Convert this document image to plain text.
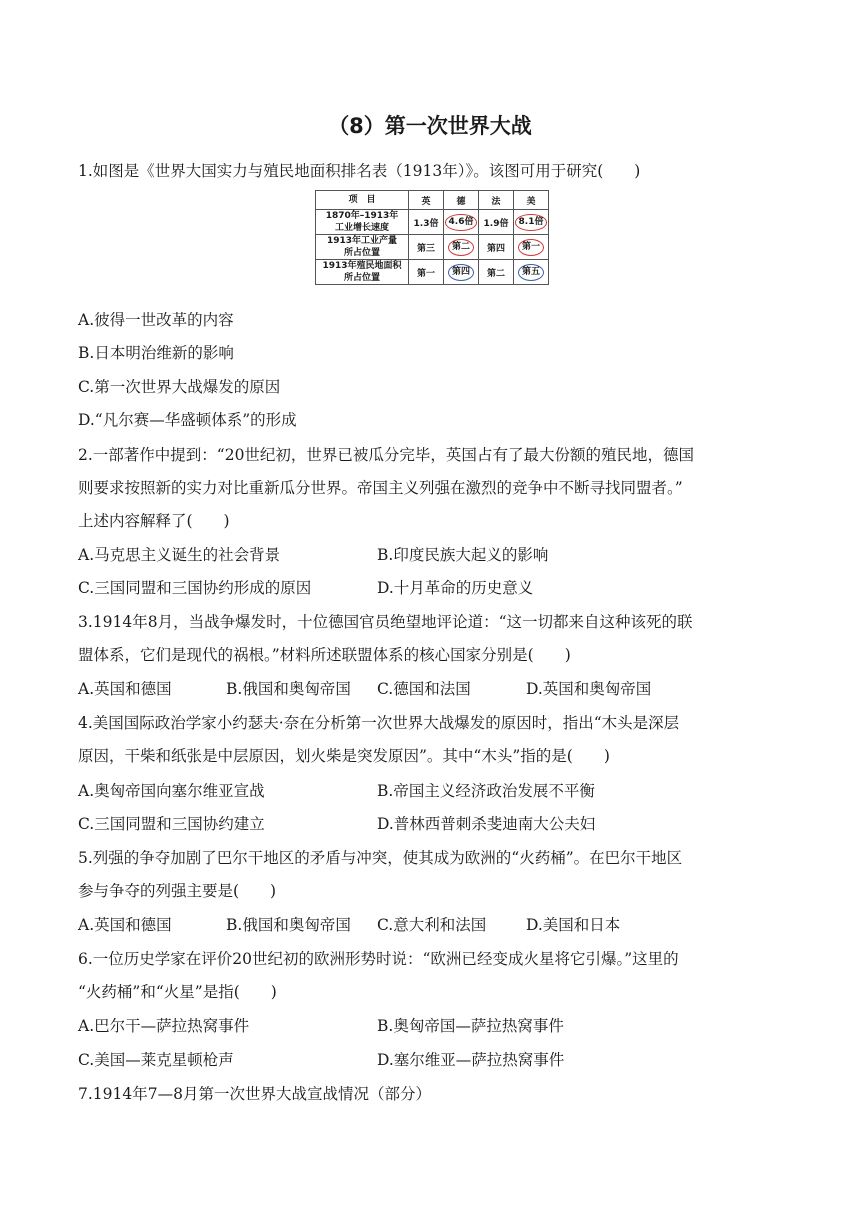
（8）第一次世界大战
1.如图是《世界大国实力与殖民地面积排名表（1913年）》。该图可用于研究(　　)
项　目	英	德	法	美

1870年–1913年
工业增长速度	1.3倍	4.6倍	1.9倍	8.1倍

1913年工业产量
所占位置	第三	第二	第四	第一

1913年殖民地面积
所占位置	第一	第四	第二	第五
A.彼得一世改革的内容
B.日本明治维新的影响
C.第一次世界大战爆发的原因
D.“凡尔赛—华盛顿体系”的形成
2.一部著作中提到：“20世纪初，世界已被瓜分完毕，英国占有了最大份额的殖民地，德国
则要求按照新的实力对比重新瓜分世界。帝国主义列强在激烈的竞争中不断寻找同盟者。”
上述内容解释了(　　)
A.马克思主义诞生的社会背景	B.印度民族大起义的影响
C.三国同盟和三国协约形成的原因	D.十月革命的历史意义
3.1914年8月，当战争爆发时，十位德国官员绝望地评论道：“这一切都来自这种该死的联
盟体系，它们是现代的祸根。”材料所述联盟体系的核心国家分别是(　　)
A.英国和德国	B.俄国和奥匈帝国 C.德国和法国	D.英国和奥匈帝国
4.美国国际政治学家小约瑟夫·奈在分析第一次世界大战爆发的原因时，指出“木头是深层
原因，干柴和纸张是中层原因，划火柴是突发原因”。其中“木头”指的是(　　)
A.奥匈帝国向塞尔维亚宣战	B.帝国主义经济政治发展不平衡
C.三国同盟和三国协约建立	D.普林西普刺杀斐迪南大公夫妇
5.列强的争夺加剧了巴尔干地区的矛盾与冲突，使其成为欧洲的“火药桶”。在巴尔干地区
参与争夺的列强主要是(　　)
A.英国和德国	B.俄国和奥匈帝国 C.意大利和法国	D.美国和日本
6.一位历史学家在评价20世纪初的欧洲形势时说：“欧洲已经变成火星将它引爆。”这里的
“火药桶”和“火星”是指(　　)
A.巴尔干—萨拉热窝事件	B.奥匈帝国—萨拉热窝事件
C.美国—莱克星顿枪声	D.塞尔维亚—萨拉热窝事件
7.1914年7—8月第一次世界大战宣战情况（部分）
